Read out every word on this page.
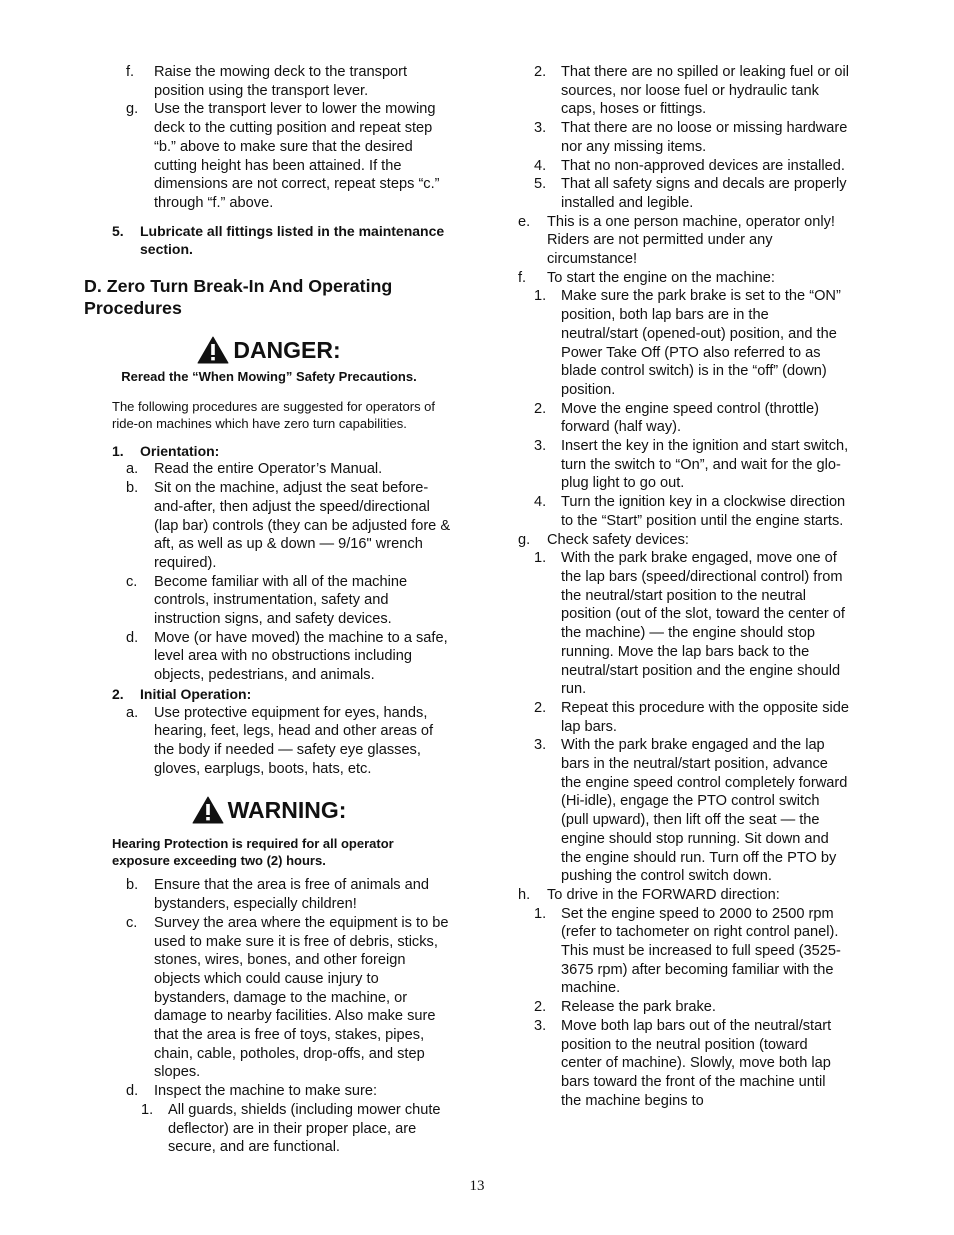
f. Raise the mowing deck to the transport position using the transport lever.
g. Use the transport lever to lower the mowing deck to the cutting position and repeat step “b.” above to make sure that the desired cutting height has been attained. If the dimensions are not correct, repeat steps “c.” through “f.” above.
5. Lubricate all fittings listed in the maintenance section.
D. Zero Turn Break-In And Operating Procedures
DANGER:
Reread the “When Mowing” Safety Precautions.
The following procedures are suggested for operators of ride-on machines which have zero turn capabilities.
1. Orientation:
a. Read the entire Operator’s Manual.
b. Sit on the machine, adjust the seat before-and-after, then adjust the speed/directional (lap bar) controls (they can be adjusted fore & aft, as well as up & down — 9/16" wrench required).
c. Become familiar with all of the machine controls, instrumentation, safety and instruction signs, and safety devices.
d. Move (or have moved) the machine to a safe, level area with no obstructions including objects, pedestrians, and animals.
2. Initial Operation:
a. Use protective equipment for eyes, hands, hearing, feet, legs, head and other areas of the body if needed — safety eye glasses, gloves, earplugs, boots, hats, etc.
WARNING:
Hearing Protection is required for all operator exposure exceeding two (2) hours.
b. Ensure that the area is free of animals and bystanders, especially children!
c. Survey the area where the equipment is to be used to make sure it is free of debris, sticks, stones, wires, bones, and other foreign objects which could cause injury to bystanders, damage to the machine, or damage to nearby facilities. Also make sure that the area is free of toys, stakes, pipes, chain, cable, potholes, drop-offs, and step slopes.
d. Inspect the machine to make sure:
1. All guards, shields (including mower chute deflector) are in their proper place, are secure, and are functional.
2. That there are no spilled or leaking fuel or oil sources, nor loose fuel or hydraulic tank caps, hoses or fittings.
3. That there are no loose or missing hardware nor any missing items.
4. That no non-approved devices are installed.
5. That all safety signs and decals are properly installed and legible.
e. This is a one person machine, operator only! Riders are not permitted under any circumstance!
f. To start the engine on the machine:
1. Make sure the park brake is set to the “ON” position, both lap bars are in the neutral/start (opened-out) position, and the Power Take Off (PTO also referred to as blade control switch) is in the “off” (down) position.
2. Move the engine speed control (throttle) forward (half way).
3. Insert the key in the ignition and start switch, turn the switch to “On”, and wait for the glo-plug light to go out.
4. Turn the ignition key in a clockwise direction to the “Start” position until the engine starts.
g. Check safety devices:
1. With the park brake engaged, move one of the lap bars (speed/directional control) from the neutral/start position to the neutral position (out of the slot, toward the center of the machine) — the engine should stop running. Move the lap bars back to the neutral/start position and the engine should run.
2. Repeat this procedure with the opposite side lap bars.
3. With the park brake engaged and the lap bars in the neutral/start position, advance the engine speed control completely forward (Hi-idle), engage the PTO control switch (pull upward), then lift off the seat — the engine should stop running. Sit down and the engine should run. Turn off the PTO by pushing the control switch down.
h. To drive in the FORWARD direction:
1. Set the engine speed to 2000 to 2500 rpm (refer to tachometer on right control panel). This must be increased to full speed (3525-3675 rpm) after becoming familiar with the machine.
2. Release the park brake.
3. Move both lap bars out of the neutral/start position to the neutral position (toward center of machine). Slowly, move both lap bars toward the front of the machine until the machine begins to
13
